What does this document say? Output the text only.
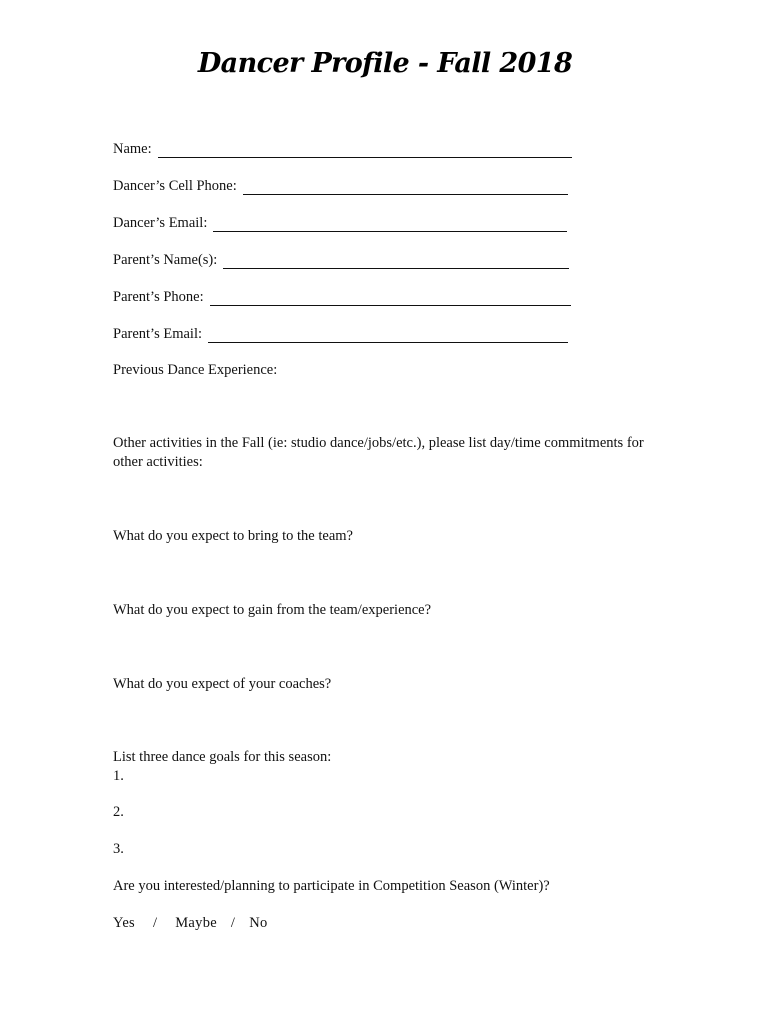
Dancer Profile - Fall 2018
Name:
Dancer’s Cell Phone:
Dancer’s Email:
Parent’s Name(s):
Parent’s Phone:
Parent’s Email:
Previous Dance Experience:
Other activities in the Fall (ie: studio dance/jobs/etc.), please list day/time commitments for other activities:
What do you expect to bring to the team?
What do you expect to gain from the team/experience?
What do you expect of your coaches?
List three dance goals for this season:
1.
2.
3.
Are you interested/planning to participate in Competition Season (Winter)?
Yes / Maybe / No
